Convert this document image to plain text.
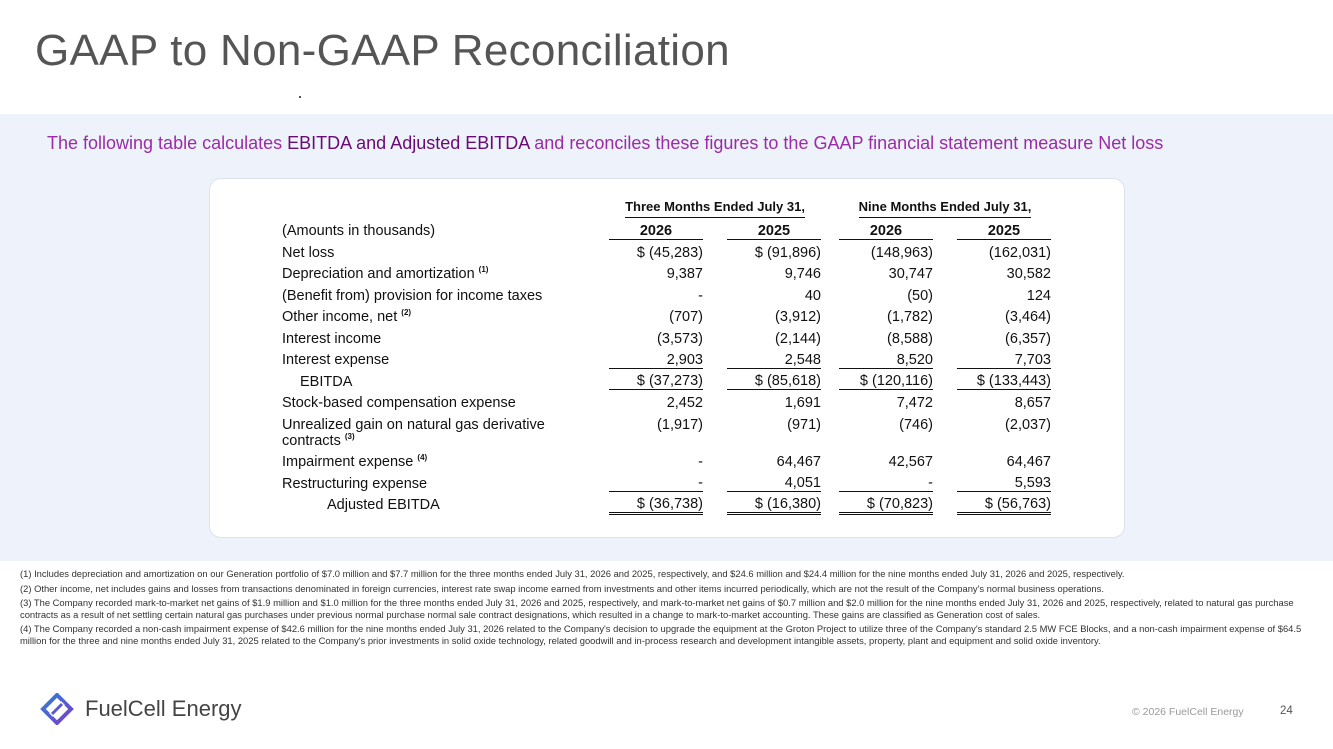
GAAP to Non-GAAP Reconciliation
The following table calculates EBITDA and Adjusted EBITDA and reconciles these figures to the GAAP financial statement measure Net loss
	Three Months Ended July 31,				Nine Months Ended July 31,		
(Amounts in thousands)	2026		2025		2026		2025
Net loss	$ (45,283)		$ (91,896)		(148,963)		(162,031)
Depreciation and amortization $^{(1)}$	9,387		9,746		30,747		30,582
(Benefit from) provision for income taxes	-		40		(50)		124
Other income, net $^{(2)}$	(707)		(3,912)		(1,782)		(3,464)
Interest income	(3,573)		(2,144)		(8,588)		(6,357)
Interest expense	2,903		2,548		8,520		7,703
EBITDA	$ (37,273)		$ (85,618)		$ (120,116)		$ (133,443)
Stock-based compensation expense	2,452		1,691		7,472		8,657
Unrealized gain on natural gas derivative	(1,917)		(971)		(746)		(2,037)
contracts $^{(3)}$							
Impairment expense $^{(4)}$	-		64,467		42,567		64,467
Restructuring expense	-		4,051		-		5,593
Adjusted EBITDA	$ (36,738)		$ (16,380)		$ (70,823)		$ (56,763)

(1) Includes depreciation and amortization on our Generation portfolio of $7.0 million and $7.7 million for the three months ended July 31, 2026 and 2025, respectively, and $24.6 million and $24.4 million for the nine months ended July 31, 2026 and 2025, respectively.

(2) Other income, net includes gains and losses from transactions denominated in foreign currencies, interest rate swap income earned from investments and other items incurred periodically, which are not the result of the Company's normal business operations.

(3) The Company recorded mark-to-market net gains of $1.9 million and $1.0 million for the three months ended July 31, 2026 and 2025, respectively, and mark-to-market net gains of $0.7 million and $2.0 million for the nine months ended July 31, 2026 and 2025, respectively, related to natural gas purchase contracts as a result of net settling certain natural gas purchases under previous normal purchase normal sale contract designations, which resulted in a change to mark-to-market accounting. These gains are classified as Generation cost of sales.

(4) The Company recorded a non-cash impairment expense of $42.6 million for the nine months ended July 31, 2026 related to the Company's decision to upgrade the equipment at the Groton Project to utilize three of the Company's standard 2.5 MW FCE Blocks, and a non-cash impairment expense of $64.5 million for the three and nine months ended July 31, 2025 related to the Company's prior investments in solid oxide technology, related goodwill and in-process research and development intangible assets, property, plant and equipment and solid oxide inventory.

FuelCell Energy	© 2026 FuelCell Energy	24
